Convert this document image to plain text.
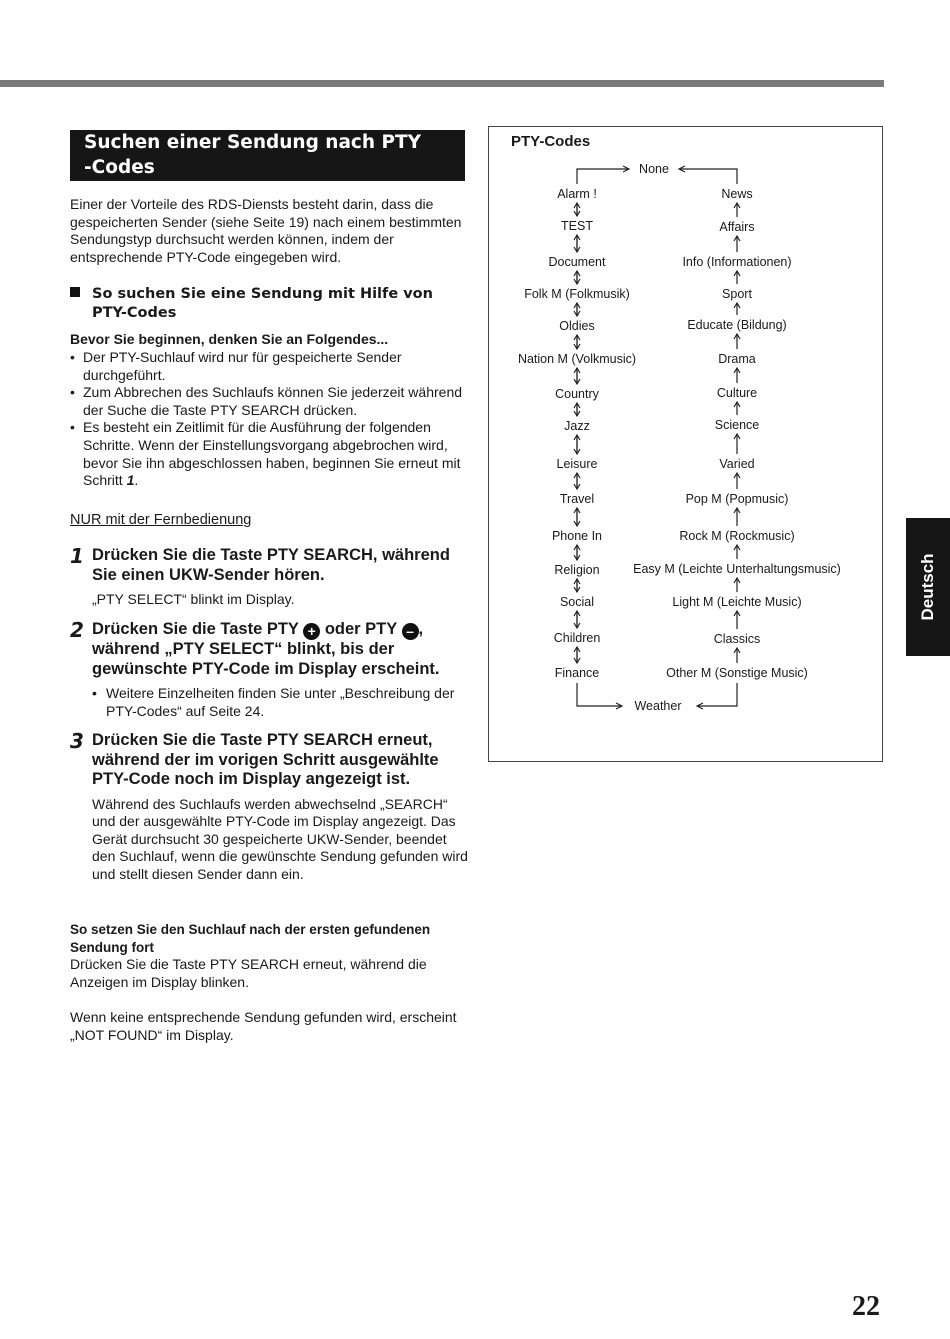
Suchen einer Sendung nach PTY
-Codes
Einer der Vorteile des RDS-Diensts besteht darin, dass die gespeicherten Sender (siehe Seite 19) nach einem bestimmten Sendungstyp durchsucht werden können, indem der entsprechende PTY-Code eingegeben wird.
So suchen Sie eine Sendung mit Hilfe von PTY-Codes
Bevor Sie beginnen, denken Sie an Folgendes...
• Der PTY-Suchlauf wird nur für gespeicherte Sender durchgeführt.
• Zum Abbrechen des Suchlaufs können Sie jederzeit während der Suche die Taste PTY SEARCH drücken.
• Es besteht ein Zeitlimit für die Ausführung der folgenden Schritte. Wenn der Einstellungsvorgang abgebrochen wird, bevor Sie ihn abgeschlossen haben, beginnen Sie erneut mit Schritt 1.
NUR mit der Fernbedienung
1 Drücken Sie die Taste PTY SEARCH, während Sie einen UKW-Sender hören.
„PTY SELECT“ blinkt im Display.
2 Drücken Sie die Taste PTY + oder PTY – , während „PTY SELECT“ blinkt, bis der gewünschte PTY-Code im Display erscheint.
• Weitere Einzelheiten finden Sie unter „Beschreibung der PTY-Codes“ auf Seite 24.
3 Drücken Sie die Taste PTY SEARCH erneut, während der im vorigen Schritt ausgewählte PTY-Code noch im Display angezeigt ist.
Während des Suchlaufs werden abwechselnd „SEARCH“ und der ausgewählte PTY-Code im Display angezeigt. Das Gerät durchsucht 30 gespeicherte UKW-Sender, beendet den Suchlauf, wenn die gewünschte Sendung gefunden wird und stellt diesen Sender dann ein.
So setzen Sie den Suchlauf nach der ersten gefundenen Sendung fort
Drücken Sie die Taste PTY SEARCH erneut, während die Anzeigen im Display blinken.
Wenn keine entsprechende Sendung gefunden wird, erscheint „NOT FOUND“ im Display.
PTY-Codes
None
Alarm !
TEST
Document
Folk M (Folkmusik)
Oldies
Nation M (Volkmusic)
Country
Jazz
Leisure
Travel
Phone In
Religion
Social
Children
Finance
News
Affairs
Info (Informationen)
Sport
Educate (Bildung)
Drama
Culture
Science
Varied
Pop M (Popmusic)
Rock M (Rockmusic)
Easy M (Leichte Unterhaltungsmusic)
Light M (Leichte Music)
Classics
Other M (Sonstige Music)
Weather
Deutsch
22
